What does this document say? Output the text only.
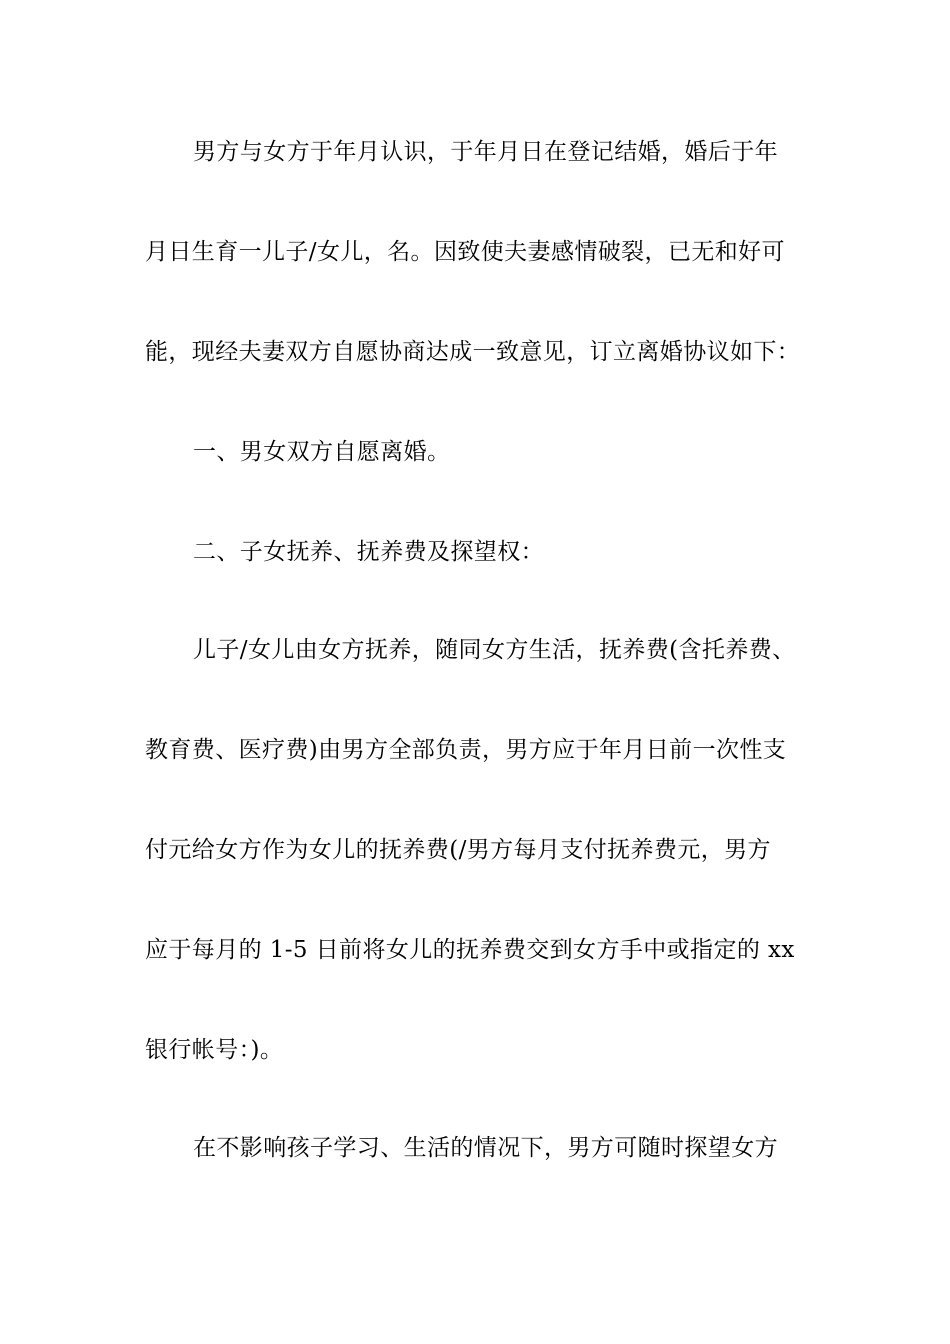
男方与女方于年月认识，于年月日在登记结婚，婚后于年
月日生育一儿子/女儿，名。因致使夫妻感情破裂，已无和好可
能，现经夫妻双方自愿协商达成一致意见，订立离婚协议如下：
一、男女双方自愿离婚。
二、子女抚养、抚养费及探望权：
儿子/女儿由女方抚养，随同女方生活，抚养费(含托养费、
教育费、医疗费)由男方全部负责，男方应于年月日前一次性支
付元给女方作为女儿的抚养费(/男方每月支付抚养费元，男方
应于每月的 1-5 日前将女儿的抚养费交到女方手中或指定的 xx
银行帐号：)。
在不影响孩子学习、生活的情况下，男方可随时探望女方
